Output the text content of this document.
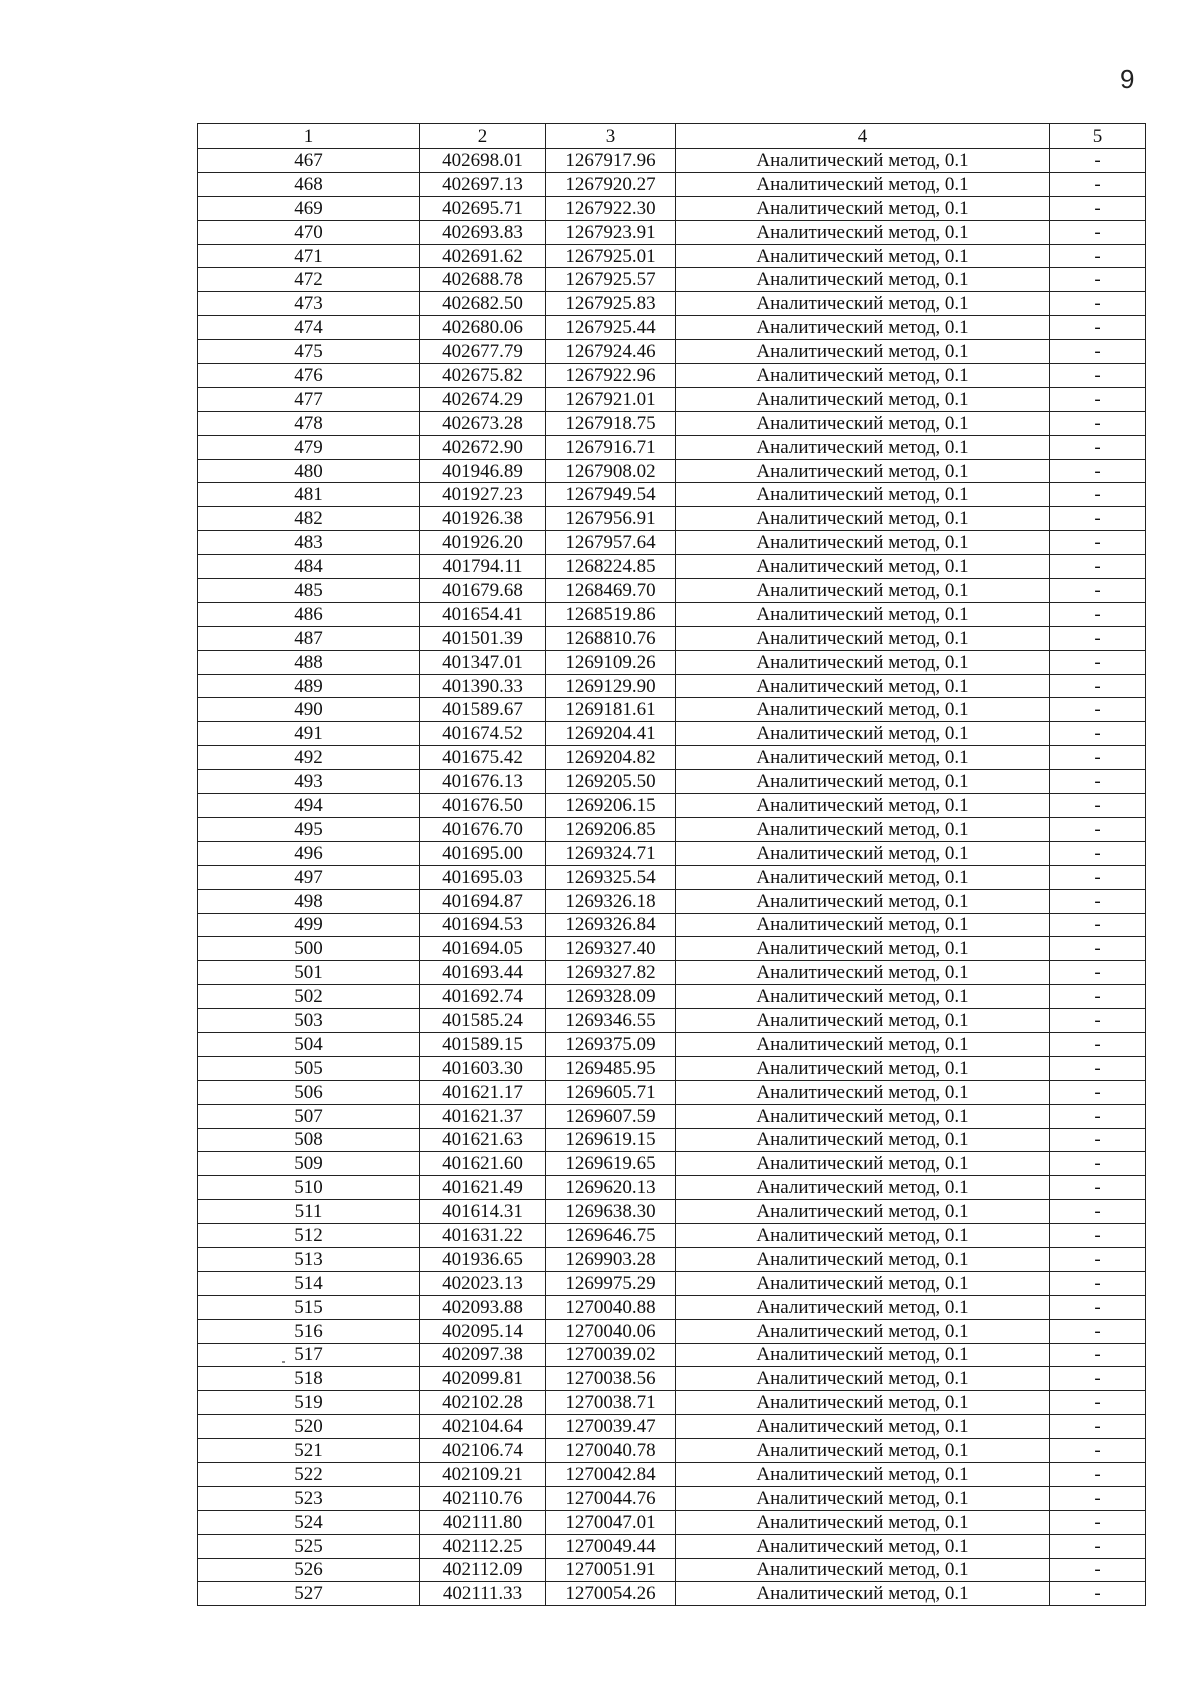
9
1	2	3	4	5
467	402698.01	1267917.96	Аналитический метод, 0.1	-
468	402697.13	1267920.27	Аналитический метод, 0.1	-
469	402695.71	1267922.30	Аналитический метод, 0.1	-
470	402693.83	1267923.91	Аналитический метод, 0.1	-
471	402691.62	1267925.01	Аналитический метод, 0.1	-
472	402688.78	1267925.57	Аналитический метод, 0.1	-
473	402682.50	1267925.83	Аналитический метод, 0.1	-
474	402680.06	1267925.44	Аналитический метод, 0.1	-
475	402677.79	1267924.46	Аналитический метод, 0.1	-
476	402675.82	1267922.96	Аналитический метод, 0.1	-
477	402674.29	1267921.01	Аналитический метод, 0.1	-
478	402673.28	1267918.75	Аналитический метод, 0.1	-
479	402672.90	1267916.71	Аналитический метод, 0.1	-
480	401946.89	1267908.02	Аналитический метод, 0.1	-
481	401927.23	1267949.54	Аналитический метод, 0.1	-
482	401926.38	1267956.91	Аналитический метод, 0.1	-
483	401926.20	1267957.64	Аналитический метод, 0.1	-
484	401794.11	1268224.85	Аналитический метод, 0.1	-
485	401679.68	1268469.70	Аналитический метод, 0.1	-
486	401654.41	1268519.86	Аналитический метод, 0.1	-
487	401501.39	1268810.76	Аналитический метод, 0.1	-
488	401347.01	1269109.26	Аналитический метод, 0.1	-
489	401390.33	1269129.90	Аналитический метод, 0.1	-
490	401589.67	1269181.61	Аналитический метод, 0.1	-
491	401674.52	1269204.41	Аналитический метод, 0.1	-
492	401675.42	1269204.82	Аналитический метод, 0.1	-
493	401676.13	1269205.50	Аналитический метод, 0.1	-
494	401676.50	1269206.15	Аналитический метод, 0.1	-
495	401676.70	1269206.85	Аналитический метод, 0.1	-
496	401695.00	1269324.71	Аналитический метод, 0.1	-
497	401695.03	1269325.54	Аналитический метод, 0.1	-
498	401694.87	1269326.18	Аналитический метод, 0.1	-
499	401694.53	1269326.84	Аналитический метод, 0.1	-
500	401694.05	1269327.40	Аналитический метод, 0.1	-
501	401693.44	1269327.82	Аналитический метод, 0.1	-
502	401692.74	1269328.09	Аналитический метод, 0.1	-
503	401585.24	1269346.55	Аналитический метод, 0.1	-
504	401589.15	1269375.09	Аналитический метод, 0.1	-
505	401603.30	1269485.95	Аналитический метод, 0.1	-
506	401621.17	1269605.71	Аналитический метод, 0.1	-
507	401621.37	1269607.59	Аналитический метод, 0.1	-
508	401621.63	1269619.15	Аналитический метод, 0.1	-
509	401621.60	1269619.65	Аналитический метод, 0.1	-
510	401621.49	1269620.13	Аналитический метод, 0.1	-
511	401614.31	1269638.30	Аналитический метод, 0.1	-
512	401631.22	1269646.75	Аналитический метод, 0.1	-
513	401936.65	1269903.28	Аналитический метод, 0.1	-
514	402023.13	1269975.29	Аналитический метод, 0.1	-
515	402093.88	1270040.88	Аналитический метод, 0.1	-
516	402095.14	1270040.06	Аналитический метод, 0.1	-
517	402097.38	1270039.02	Аналитический метод, 0.1	-
518	402099.81	1270038.56	Аналитический метод, 0.1	-
519	402102.28	1270038.71	Аналитический метод, 0.1	-
520	402104.64	1270039.47	Аналитический метод, 0.1	-
521	402106.74	1270040.78	Аналитический метод, 0.1	-
522	402109.21	1270042.84	Аналитический метод, 0.1	-
523	402110.76	1270044.76	Аналитический метод, 0.1	-
524	402111.80	1270047.01	Аналитический метод, 0.1	-
525	402112.25	1270049.44	Аналитический метод, 0.1	-
526	402112.09	1270051.91	Аналитический метод, 0.1	-
527	402111.33	1270054.26	Аналитический метод, 0.1	-
